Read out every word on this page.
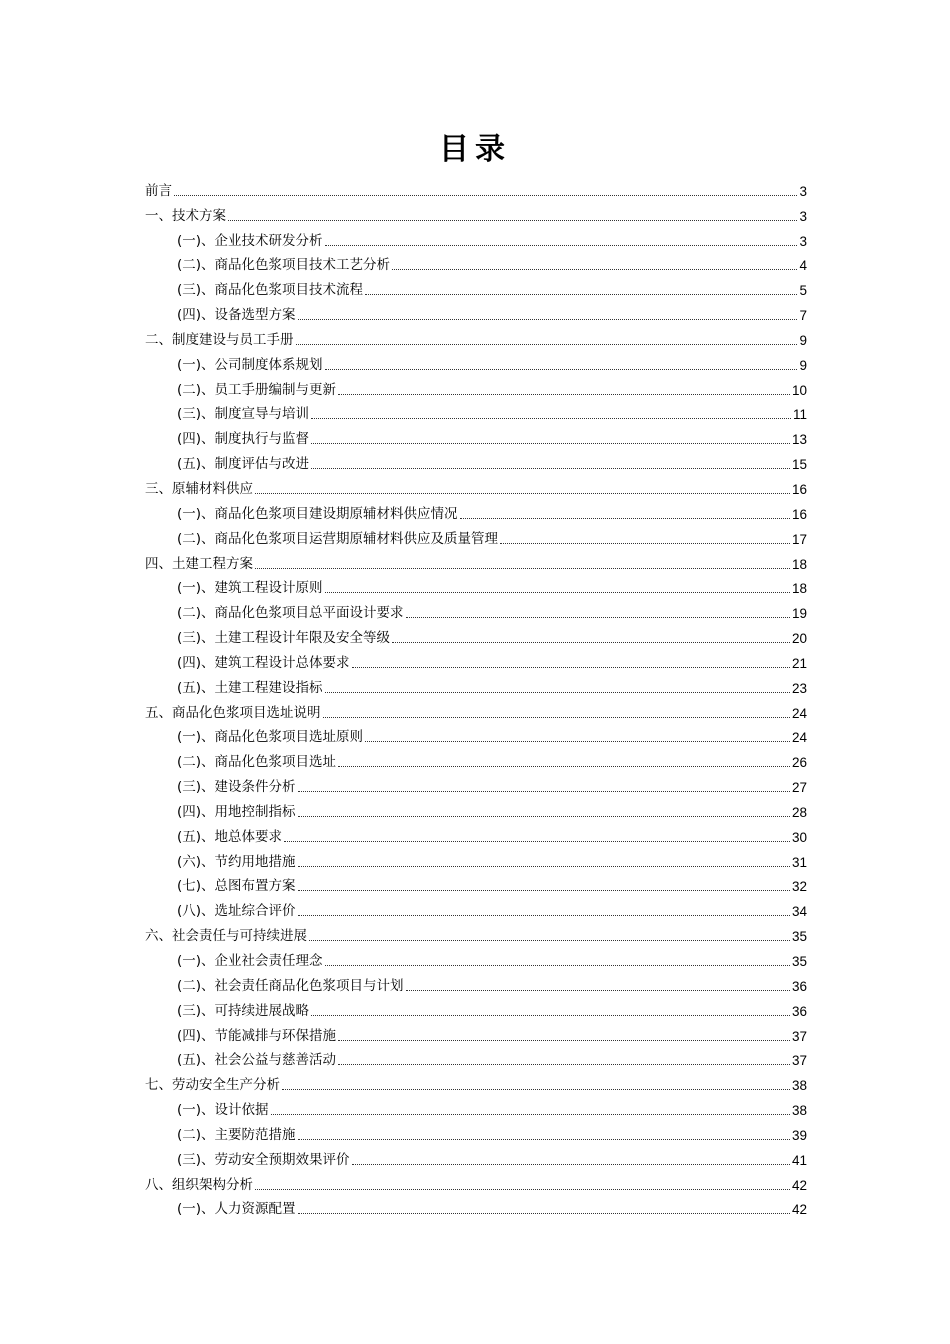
目录
前言	3
一、技术方案	3
(一)、企业技术研发分析	3
(二)、商品化色浆项目技术工艺分析	4
(三)、商品化色浆项目技术流程	5
(四)、设备选型方案	7
二、制度建设与员工手册	9
(一)、公司制度体系规划	9
(二)、员工手册编制与更新	10
(三)、制度宣导与培训	11
(四)、制度执行与监督	13
(五)、制度评估与改进	15
三、原辅材料供应	16
(一)、商品化色浆项目建设期原辅材料供应情况	16
(二)、商品化色浆项目运营期原辅材料供应及质量管理	17
四、土建工程方案	18
(一)、建筑工程设计原则	18
(二)、商品化色浆项目总平面设计要求	19
(三)、土建工程设计年限及安全等级	20
(四)、建筑工程设计总体要求	21
(五)、土建工程建设指标	23
五、商品化色浆项目选址说明	24
(一)、商品化色浆项目选址原则	24
(二)、商品化色浆项目选址	26
(三)、建设条件分析	27
(四)、用地控制指标	28
(五)、地总体要求	30
(六)、节约用地措施	31
(七)、总图布置方案	32
(八)、选址综合评价	34
六、社会责任与可持续进展	35
(一)、企业社会责任理念	35
(二)、社会责任商品化色浆项目与计划	36
(三)、可持续进展战略	36
(四)、节能减排与环保措施	37
(五)、社会公益与慈善活动	37
七、劳动安全生产分析	38
(一)、设计依据	38
(二)、主要防范措施	39
(三)、劳动安全预期效果评价	41
八、组织架构分析	42
(一)、人力资源配置	42
